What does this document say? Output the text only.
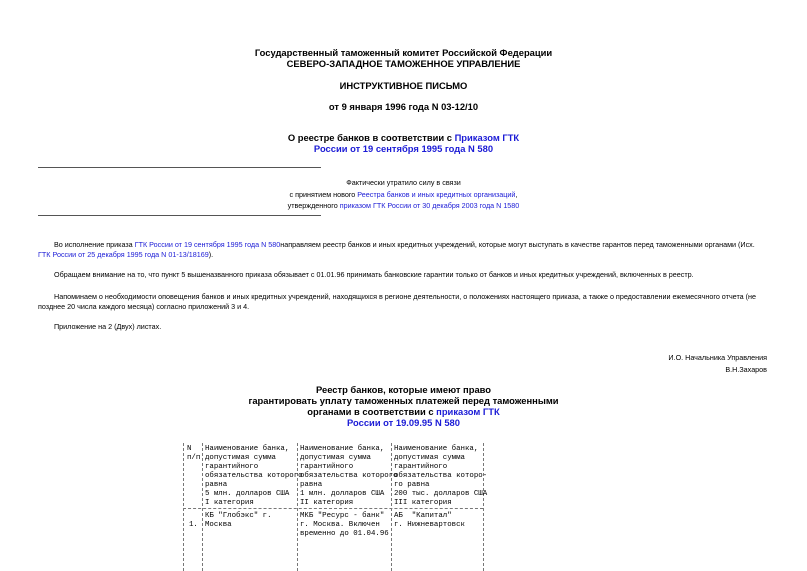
Государственный таможенный комитет Российской Федерации
СЕВЕРО-ЗАПАДНОЕ ТАМОЖЕННОЕ УПРАВЛЕНИЕ
ИНСТРУКТИВНОЕ ПИСЬМО
от 9 января 1996 года N 03-12/10
О реестре банков в соответствии с Приказом ГТК
России от 19 сентября 1995 года N 580
Фактически утратило силу в связи
с принятием нового Реестра банков и иных кредитных организаций,
утвержденного приказом ГТК России от 30 декабря 2003 года N 1580
Во исполнение приказа ГТК России от 19 сентября 1995 года N 580направляем реестр банков и иных кредитных учреждений, которые могут выступать в качестве гарантов перед таможенными органами (Исх. ГТК России от 25 декабря 1995 года N 01-13/18169).
Обращаем внимание на то, что пункт 5 вышеназванного приказа обязывает с 01.01.96 принимать банковские гарантии только от банков и иных кредитных учреждений, включенных в реестр.
Напоминаем о необходимости оповещения банков и иных кредитных учреждений, находящихся в регионе деятельности, о положениях настоящего приказа, а также о предоставлении ежемесячного отчета (не позднее 20 числа каждого месяца) согласно приложений 3 и 4.
Приложение на 2 (Двух) листах.
И.О. Начальника Управления
В.Н.Захаров
Реестр банков, которые имеют право
гарантировать уплату таможенных платежей перед таможенными
органами в соответствии с приказом ГТК
России от 19.09.95 N 580
N
п/п
Наименование банка,
допустимая сумма
гарантийного
обязательства которого
равна
5 млн. долларов США
I категория
Наименование банка,
допустимая сумма
гарантийного
обязательства которого
равна
1 млн. долларов США
II категория
Наименование банка,
допустимая сумма
гарантийного
обязательства которо-
го равна
200 тыс. долларов США
III категория
1.
КБ "Глобэкс" г.
Москва
МКБ "Ресурс - банк"
г. Москва. Включен
временно до 01.04.96
АБ  "Капитал"
г. Нижневартовск
